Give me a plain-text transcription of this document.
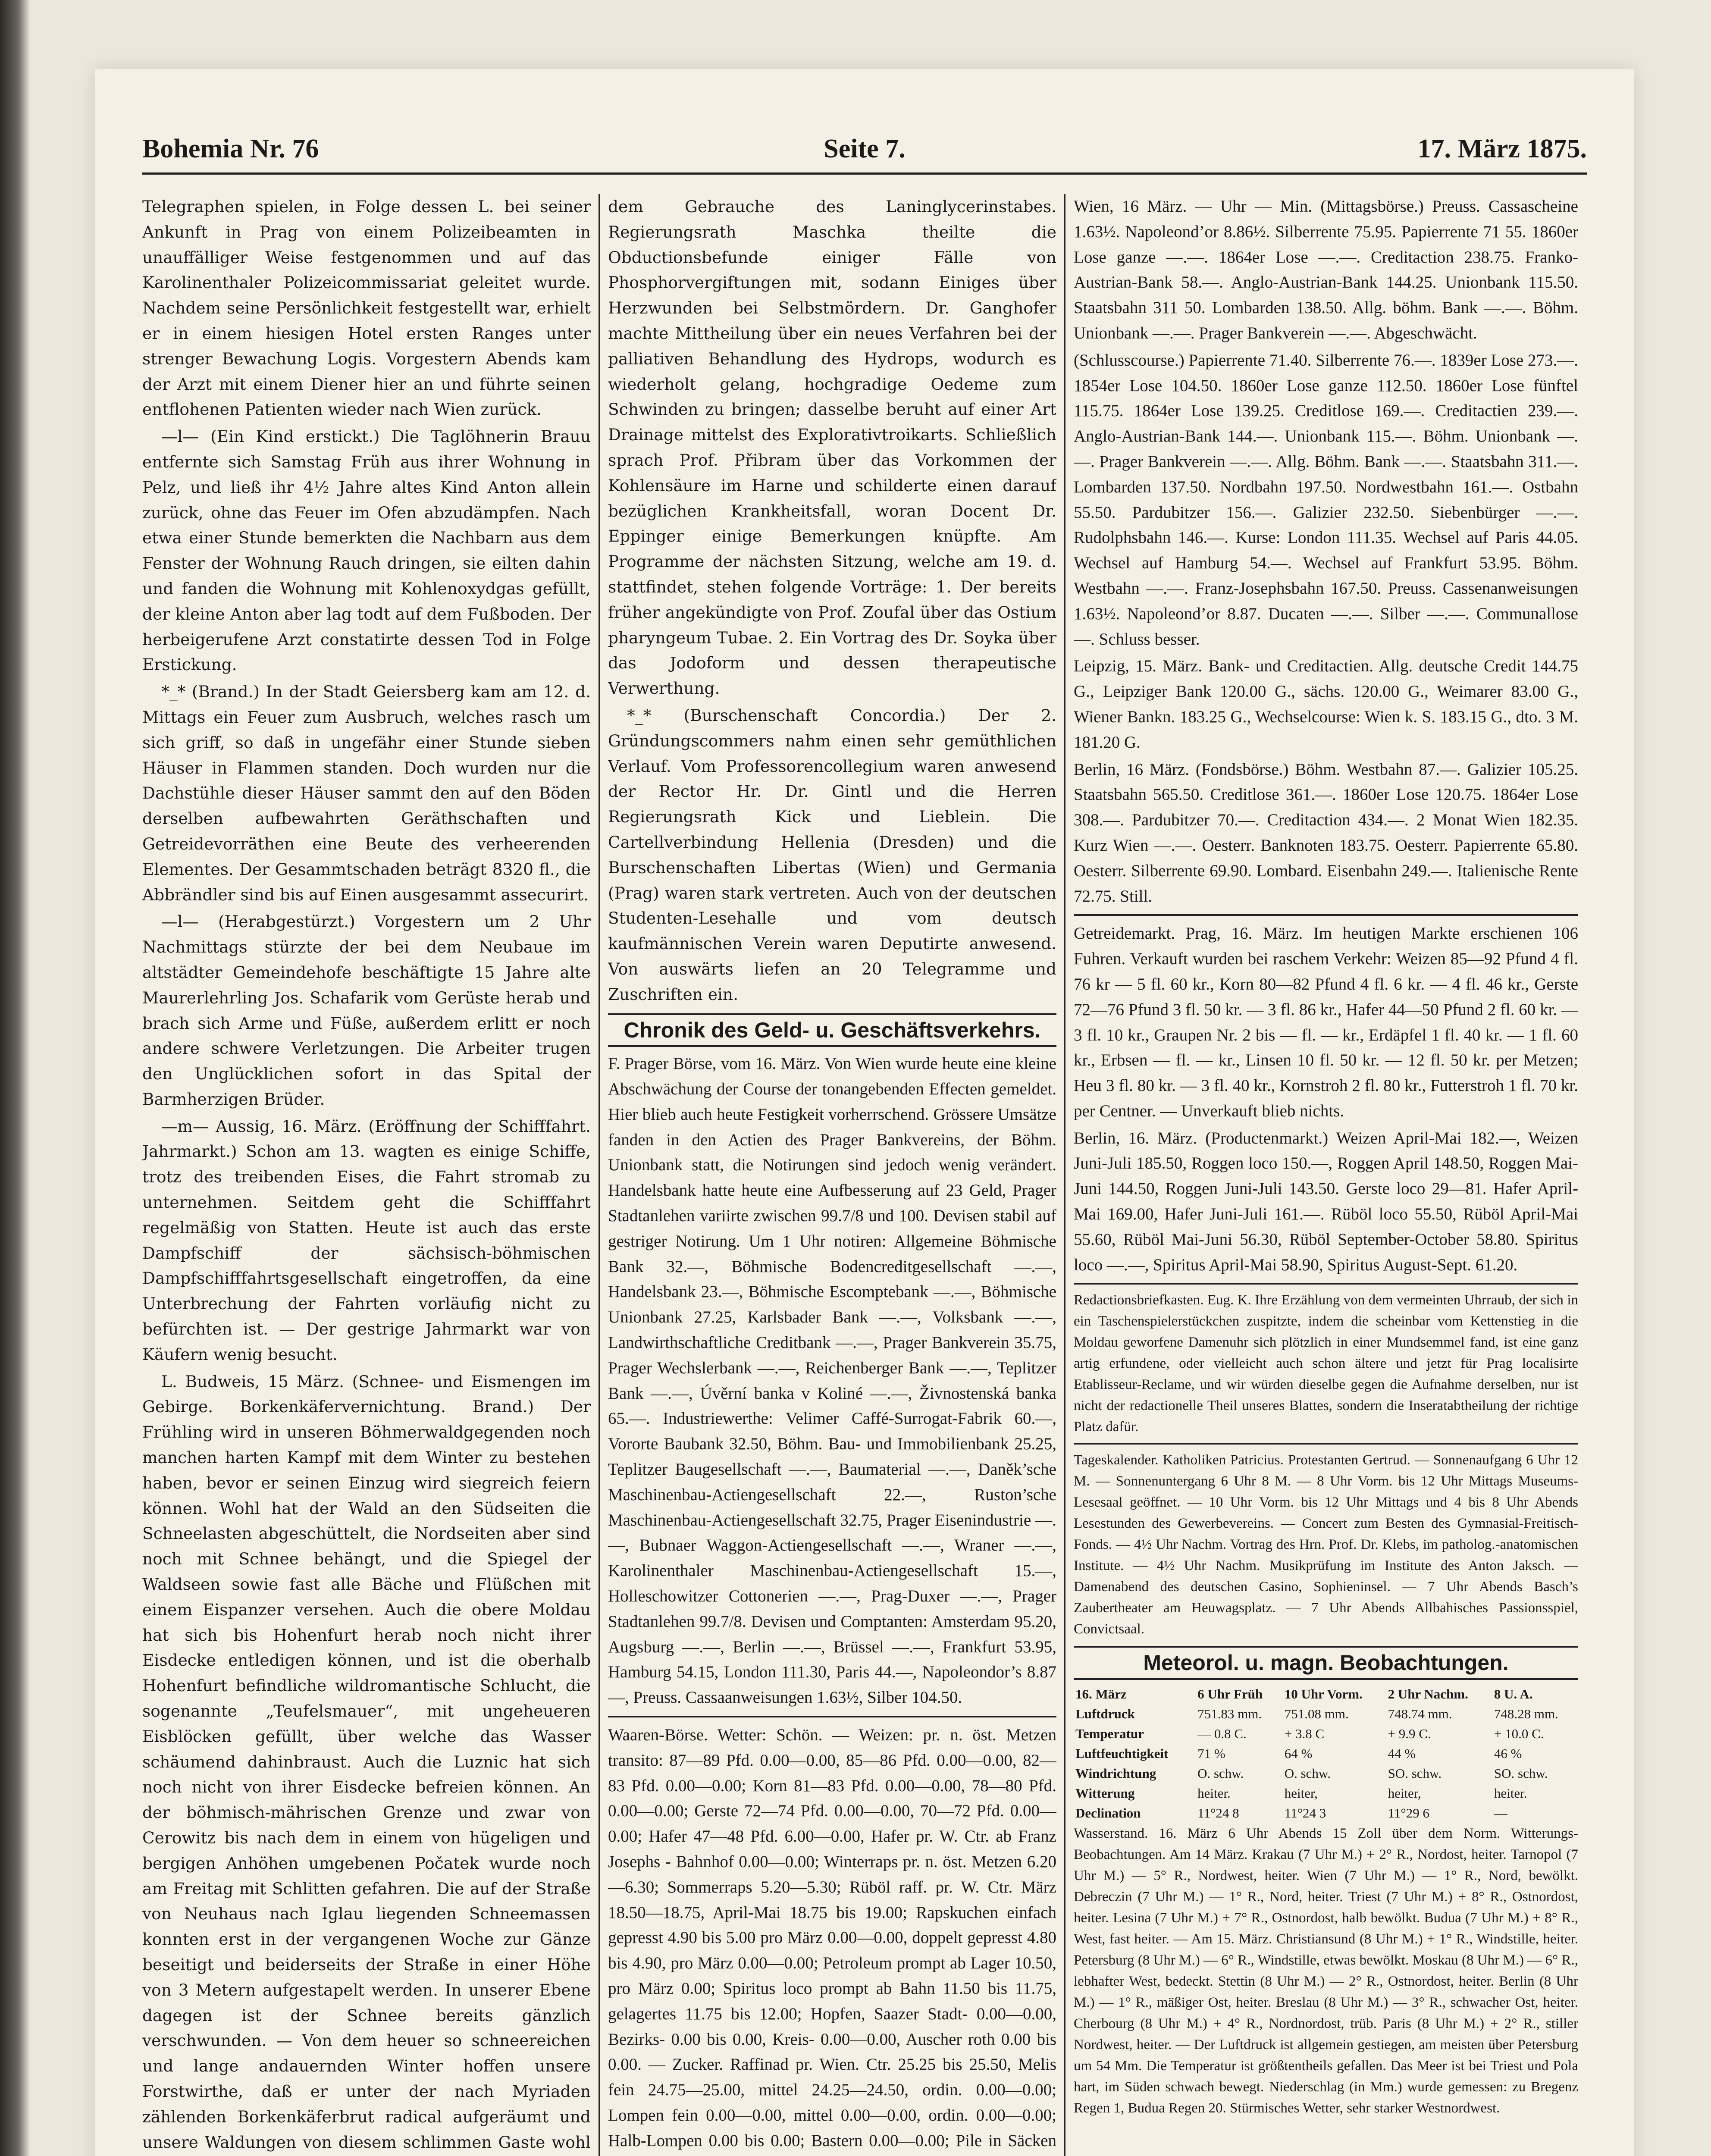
Bohemia Nr. 76	Seite 7.	17. März 1875.

Telegraphen spielen, in Folge dessen L. bei seiner Ankunft in Prag von einem Polizeibeamten in unauffälliger Weise festgenommen und auf das Karolinenthaler Polizeicommissariat geleitet wurde. Nachdem seine Persönlichkeit festgestellt war, erhielt er in einem hiesigen Hotel ersten Ranges unter strenger Bewachung Logis. Vorgestern Abends kam der Arzt mit einem Diener hier an und führte seinen entflohenen Patienten wieder nach Wien zurück.

—l— (Ein Kind erstickt.) Die Taglöhnerin Brauu entfernte sich Samstag Früh aus ihrer Wohnung in Pelz, und ließ ihr 4½ Jahre altes Kind Anton allein zurück, ohne das Feuer im Ofen abzudämpfen. Nach etwa einer Stunde bemerkten die Nachbarn aus dem Fenster der Wohnung Rauch dringen, sie eilten dahin und fanden die Wohnung mit Kohlenoxydgas gefüllt, der kleine Anton aber lag todt auf dem Fußboden. Der herbeigerufene Arzt constatirte dessen Tod in Folge Erstickung.

*_* (Brand.) In der Stadt Geiersberg kam am 12. d. Mittags ein Feuer zum Ausbruch, welches rasch um sich griff, so daß in ungefähr einer Stunde sieben Häuser in Flammen standen. Doch wurden nur die Dachstühle dieser Häuser sammt den auf den Böden derselben aufbewahrten Geräthschaften und Getreidevorräthen eine Beute des verheerenden Elementes. Der Gesammtschaden beträgt 8320 fl., die Abbrändler sind bis auf Einen ausgesammt assecurirt.

—l— (Herabgestürzt.) Vorgestern um 2 Uhr Nachmittags stürzte der bei dem Neubaue im altstädter Gemeindehofe beschäftigte 15 Jahre alte Maurerlehrling Jos. Schafarik vom Gerüste herab und brach sich Arme und Füße, außerdem erlitt er noch andere schwere Verletzungen. Die Arbeiter trugen den Unglücklichen sofort in das Spital der Barmherzigen Brüder.

—m— Aussig, 16. März. (Eröffnung der Schifffahrt. Jahrmarkt.) Schon am 13. wagten es einige Schiffe, trotz des treibenden Eises, die Fahrt stromab zu unternehmen. Seitdem geht die Schifffahrt regelmäßig von Statten. Heute ist auch das erste Dampfschiff der sächsisch-böhmischen Dampfschifffahrtsgesellschaft eingetroffen, da eine Unterbrechung der Fahrten vorläufig nicht zu befürchten ist. — Der gestrige Jahrmarkt war von Käufern wenig besucht.

L. Budweis, 15 März. (Schnee- und Eismengen im Gebirge. Borkenkäfervernichtung. Brand.) Der Frühling wird in unseren Böhmerwaldgegenden noch manchen harten Kampf mit dem Winter zu bestehen haben, bevor er seinen Einzug wird siegreich feiern können. Wohl hat der Wald an den Südseiten die Schneelasten abgeschüttelt, die Nordseiten aber sind noch mit Schnee behängt, und die Spiegel der Waldseen sowie fast alle Bäche und Flüßchen mit einem Eispanzer versehen. Auch die obere Moldau hat sich bis Hohenfurt herab noch nicht ihrer Eisdecke entledigen können, und ist die oberhalb Hohenfurt befindliche wildromantische Schlucht, die sogenannte „Teufelsmauer“, mit ungeheueren Eisblöcken gefüllt, über welche das Wasser schäumend dahinbraust. Auch die Luznic hat sich noch nicht von ihrer Eisdecke befreien können. An der böhmisch-mährischen Grenze und zwar von Cerowitz bis nach dem in einem von hügeligen und bergigen Anhöhen umgebenen Počatek wurde noch am Freitag mit Schlitten gefahren. Die auf der Straße von Neuhaus nach Iglau liegenden Schneemassen konnten erst in der vergangenen Woche zur Gänze beseitigt und beiderseits der Straße in einer Höhe von 3 Metern aufgestapelt werden. In unserer Ebene dagegen ist der Schnee bereits gänzlich verschwunden. — Von dem heuer so schneereichen und lange andauernden Winter hoffen unsere Forstwirthe, daß er unter der nach Myriaden zählenden Borkenkäferbrut radical aufgeräumt und unsere Waldungen von diesem schlimmen Gaste wohl

dem Gebrauche des Laninglycerinstabes. Regierungsrath Maschka theilte die Obductionsbefunde einiger Fälle von Phosphorvergiftungen mit, sodann Einiges über Herzwunden bei Selbstmördern. Dr. Ganghofer machte Mittheilung über ein neues Verfahren bei der palliativen Behandlung des Hydrops, wodurch es wiederholt gelang, hochgradige Oedeme zum Schwinden zu bringen; dasselbe beruht auf einer Art Drainage mittelst des Explorativtroikarts. Schließlich sprach Prof. Přibram über das Vorkommen der Kohlensäure im Harne und schilderte einen darauf bezüglichen Krankheitsfall, woran Docent Dr. Eppinger einige Bemerkungen knüpfte. Am Programme der nächsten Sitzung, welche am 19. d. stattfindet, stehen folgende Vorträge: 1. Der bereits früher angekündigte von Prof. Zoufal über das Ostium pharyngeum Tubae. 2. Ein Vortrag des Dr. Soyka über das Jodoform und dessen therapeutische Verwerthung.

*_* (Burschenschaft Concordia.) Der 2. Gründungscommers nahm einen sehr gemüthlichen Verlauf. Vom Professorencollegium waren anwesend der Rector Hr. Dr. Gintl und die Herren Regierungsrath Kick und Lieblein. Die Cartellverbindung Hellenia (Dresden) und die Burschenschaften Libertas (Wien) und Germania (Prag) waren stark vertreten. Auch von der deutschen Studenten-Lesehalle und vom deutsch kaufmännischen Verein waren Deputirte anwesend. Von auswärts liefen an 20 Telegramme und Zuschriften ein.

Chronik des Geld- u. Geschäftsverkehrs.

F. Prager Börse, vom 16. März. Von Wien wurde heute eine kleine Abschwächung der Course der tonangebenden Effecten gemeldet. Hier blieb auch heute Festigkeit vorherrschend. Grössere Umsätze fanden in den Actien des Prager Bankvereins, der Böhm. Unionbank statt, die Notirungen sind jedoch wenig verändert. Handelsbank hatte heute eine Aufbesserung auf 23 Geld, Prager Stadtanlehen variirte zwischen 99.7/8 und 100. Devisen stabil auf gestriger Notirung. Um 1 Uhr notiren: Allgemeine Böhmische Bank 32.—, Böhmische Bodencreditgesellschaft —.—, Handelsbank 23.—, Böhmische Escomptebank —.—, Böhmische Unionbank 27.25, Karlsbader Bank —.—, Volksbank —.—, Landwirthschaftliche Creditbank —.—, Prager Bankverein 35.75, Prager Wechslerbank —.—, Reichenberger Bank —.—, Teplitzer Bank —.—, Úvěrní banka v Koliné —.—, Živnostenská banka 65.—. Industriewerthe: Velimer Caffé-Surrogat-Fabrik 60.—, Vororte Baubank 32.50, Böhm. Bau- und Immobilienbank 25.25, Teplitzer Baugesellschaft —.—, Baumaterial —.—, Daněk’sche Maschinenbau-Actiengesellschaft 22.—, Ruston’sche Maschinenbau-Actiengesellschaft 32.75, Prager Eisenindustrie —.—, Bubnaer Waggon-Actiengesellschaft —.—, Wraner —.—, Karolinenthaler Maschinenbau-Actiengesellschaft 15.—, Holleschowitzer Cottonerien —.—, Prag-Duxer —.—, Prager Stadtanlehen 99.7/8. Devisen und Comptanten: Amsterdam 95.20, Augsburg —.—, Berlin —.—, Brüssel —.—, Frankfurt 53.95, Hamburg 54.15, London 111.30, Paris 44.—, Napoleondor’s 8.87—, Preuss. Cassaanweisungen 1.63½, Silber 104.50.

Waaren-Börse. Wetter: Schön. — Weizen: pr. n. öst. Metzen transito: 87—89 Pfd. 0.00—0.00, 85—86 Pfd. 0.00—0.00, 82—83 Pfd. 0.00—0.00; Korn 81—83 Pfd. 0.00—0.00, 78—80 Pfd. 0.00—0.00; Gerste 72—74 Pfd. 0.00—0.00, 70—72 Pfd. 0.00—0.00; Hafer 47—48 Pfd. 6.00—0.00, Hafer pr. W. Ctr. ab Franz Josephs - Bahnhof 0.00—0.00; Winterraps pr. n. öst. Metzen 6.20—6.30; Sommerraps 5.20—5.30; Rüböl raff. pr. W. Ctr. März 18.50—18.75, April-Mai 18.75 bis 19.00; Rapskuchen einfach gepresst 4.90 bis 5.00 pro März 0.00—0.00, doppelt gepresst 4.80 bis 4.90, pro März 0.00—0.00; Petroleum prompt ab Lager 10.50, pro März 0.00; Spiritus loco prompt ab Bahn 11.50 bis 11.75, gelagertes 11.75 bis 12.00; Hopfen, Saazer Stadt- 0.00—0.00, Bezirks- 0.00 bis 0.00, Kreis- 0.00—0.00, Auscher roth 0.00 bis 0.00. — Zucker. Raffinad pr. Wien. Ctr. 25.25 bis 25.50, Melis fein 24.75—25.00, mittel 24.25—24.50, ordin. 0.00—0.00; Lompen fein 0.00—0.00, mittel 0.00—0.00, ordin. 0.00—0.00; Halb-Lompen 0.00 bis 0.00; Bastern 0.00—0.00; Pile in Säcken

Wien, 16 März. — Uhr — Min. (Mittagsbörse.) Preuss. Cassascheine 1.63½. Napoleond’or 8.86½. Silberrente 75.95. Papierrente 71 55. 1860er Lose ganze —.—. 1864er Lose —.—. Creditaction 238.75. Franko-Austrian-Bank 58.—. Anglo-Austrian-Bank 144.25. Unionbank 115.50. Staatsbahn 311 50. Lombarden 138.50. Allg. böhm. Bank —.—. Böhm. Unionbank —.—. Prager Bankverein —.—. Abgeschwächt.

(Schlusscourse.) Papierrente 71.40. Silberrente 76.—. 1839er Lose 273.—. 1854er Lose 104.50. 1860er Lose ganze 112.50. 1860er Lose fünftel 115.75. 1864er Lose 139.25. Creditlose 169.—. Creditactien 239.—. Anglo-Austrian-Bank 144.—. Unionbank 115.—. Böhm. Unionbank —.—. Prager Bankverein —.—. Allg. Böhm. Bank —.—. Staatsbahn 311.—. Lombarden 137.50. Nordbahn 197.50. Nordwestbahn 161.—. Ostbahn 55.50. Pardubitzer 156.—. Galizier 232.50. Siebenbürger —.—. Rudolphsbahn 146.—. Kurse: London 111.35. Wechsel auf Paris 44.05. Wechsel auf Hamburg 54.—. Wechsel auf Frankfurt 53.95. Böhm. Westbahn —.—. Franz-Josephsbahn 167.50. Preuss. Cassenanweisungen 1.63½. Napoleond’or 8.87. Ducaten —.—. Silber —.—. Communallose —. Schluss besser.

Leipzig, 15. März. Bank- und Creditactien. Allg. deutsche Credit 144.75 G., Leipziger Bank 120.00 G., sächs. 120.00 G., Weimarer 83.00 G., Wiener Bankn. 183.25 G., Wechselcourse: Wien k. S. 183.15 G., dto. 3 M. 181.20 G.

Berlin, 16 März. (Fondsbörse.) Böhm. Westbahn 87.—. Galizier 105.25. Staatsbahn 565.50. Creditlose 361.—. 1860er Lose 120.75. 1864er Lose 308.—. Pardubitzer 70.—. Creditaction 434.—. 2 Monat Wien 182.35. Kurz Wien —.—. Oesterr. Banknoten 183.75. Oesterr. Papierrente 65.80. Oesterr. Silberrente 69.90. Lombard. Eisenbahn 249.—. Italienische Rente 72.75. Still.

Getreidemarkt. Prag, 16. März. Im heutigen Markte erschienen 106 Fuhren. Verkauft wurden bei raschem Verkehr: Weizen 85—92 Pfund 4 fl. 76 kr — 5 fl. 60 kr., Korn 80—82 Pfund 4 fl. 6 kr. — 4 fl. 46 kr., Gerste 72—76 Pfund 3 fl. 50 kr. — 3 fl. 86 kr., Hafer 44—50 Pfund 2 fl. 60 kr. — 3 fl. 10 kr., Graupen Nr. 2 bis — fl. — kr., Erdäpfel 1 fl. 40 kr. — 1 fl. 60 kr., Erbsen — fl. — kr., Linsen 10 fl. 50 kr. — 12 fl. 50 kr. per Metzen; Heu 3 fl. 80 kr. — 3 fl. 40 kr., Kornstroh 2 fl. 80 kr., Futterstroh 1 fl. 70 kr. per Centner. — Unverkauft blieb nichts.

Berlin, 16. März. (Productenmarkt.) Weizen April-Mai 182.—, Weizen Juni-Juli 185.50, Roggen loco 150.—, Roggen April 148.50, Roggen Mai-Juni 144.50, Roggen Juni-Juli 143.50. Gerste loco 29—81. Hafer April-Mai 169.00, Hafer Juni-Juli 161.—. Rüböl loco 55.50, Rüböl April-Mai 55.60, Rüböl Mai-Juni 56.30, Rüböl September-October 58.80. Spiritus loco —.—, Spiritus April-Mai 58.90, Spiritus August-Sept. 61.20.

Redactionsbriefkasten. Eug. K. Ihre Erzählung von dem vermeinten Uhrraub, der sich in ein Taschenspielerstückchen zuspitzte, indem die scheinbar vom Kettenstieg in die Moldau geworfene Damenuhr sich plötzlich in einer Mundsemmel fand, ist eine ganz artig erfundene, oder vielleicht auch schon ältere und jetzt für Prag localisirte Etablisseur-Reclame, und wir würden dieselbe gegen die Aufnahme derselben, nur ist nicht der redactionelle Theil unseres Blattes, sondern die Inseratabtheilung der richtige Platz dafür.

Tageskalender. Katholiken Patricius. Protestanten Gertrud. — Sonnenaufgang 6 Uhr 12 M. — Sonnenuntergang 6 Uhr 8 M. — 8 Uhr Vorm. bis 12 Uhr Mittags Museums-Lesesaal geöffnet. — 10 Uhr Vorm. bis 12 Uhr Mittags und 4 bis 8 Uhr Abends Lesestunden des Gewerbevereins. — Concert zum Besten des Gymnasial-Freitisch-Fonds. — 4½ Uhr Nachm. Vortrag des Hrn. Prof. Dr. Klebs, im patholog.-anatomischen Institute. — 4½ Uhr Nachm. Musikprüfung im Institute des Anton Jaksch. — Damenabend des deutschen Casino, Sophieninsel. — 7 Uhr Abends Basch’s Zaubertheater am Heuwagsplatz. — 7 Uhr Abends Allbahisches Passionsspiel, Convictsaal.

Meteorol. u. magn. Beobachtungen.
16. März	6 Uhr Früh	10 Uhr Vorm.	2 Uhr Nachm.	8 U. A.
Luftdruck	751.83 mm.	751.08 mm.	748.74 mm.	748.28 mm.
Temperatur	— 0.8 C.	+ 3.8 C	+ 9.9 C.	+ 10.0 C.
Luftfeuchtigkeit	71 %	64 %	44 %	46 %
Windrichtung	O. schw.	O. schw.	SO. schw.	SO. schw.
Witterung	heiter.	heiter,	heiter,	heiter.
Declination	11°24 8	11°24 3	11°29 6	—

Wasserstand. 16. März 6 Uhr Abends 15 Zoll über dem Norm. Witterungs-Beobachtungen. Am 14 März. Krakau (7 Uhr M.) + 2° R., Nordost, heiter. Tarnopol (7 Uhr M.) — 5° R., Nordwest, heiter. Wien (7 Uhr M.) — 1° R., Nord, bewölkt. Debreczin (7 Uhr M.) — 1° R., Nord, heiter. Triest (7 Uhr M.) + 8° R., Ostnordost, heiter. Lesina (7 Uhr M.) + 7° R., Ostnordost, halb bewölkt. Budua (7 Uhr M.) + 8° R., West, fast heiter. — Am 15. März. Christiansund (8 Uhr M.) + 1° R., Windstille, heiter. Petersburg (8 Uhr M.) — 6° R., Windstille, etwas bewölkt. Moskau (8 Uhr M.) — 6° R., lebhafter West, bedeckt. Stettin (8 Uhr M.) — 2° R., Ostnordost, heiter. Berlin (8 Uhr M.) — 1° R., mäßiger Ost, heiter. Breslau (8 Uhr M.) — 3° R., schwacher Ost, heiter. Cherbourg (8 Uhr M.) + 4° R., Nordnordost, trüb. Paris (8 Uhr M.) + 2° R., stiller Nordwest, heiter. — Der Luftdruck ist allgemein gestiegen, am meisten über Petersburg um 54 Mm. Die Temperatur ist größtentheils gefallen. Das Meer ist bei Triest und Pola hart, im Süden schwach bewegt. Niederschlag (in Mm.) wurde gemessen: zu Bregenz Regen 1, Budua Regen 20. Stürmisches Wetter, sehr starker Westnordwest.
